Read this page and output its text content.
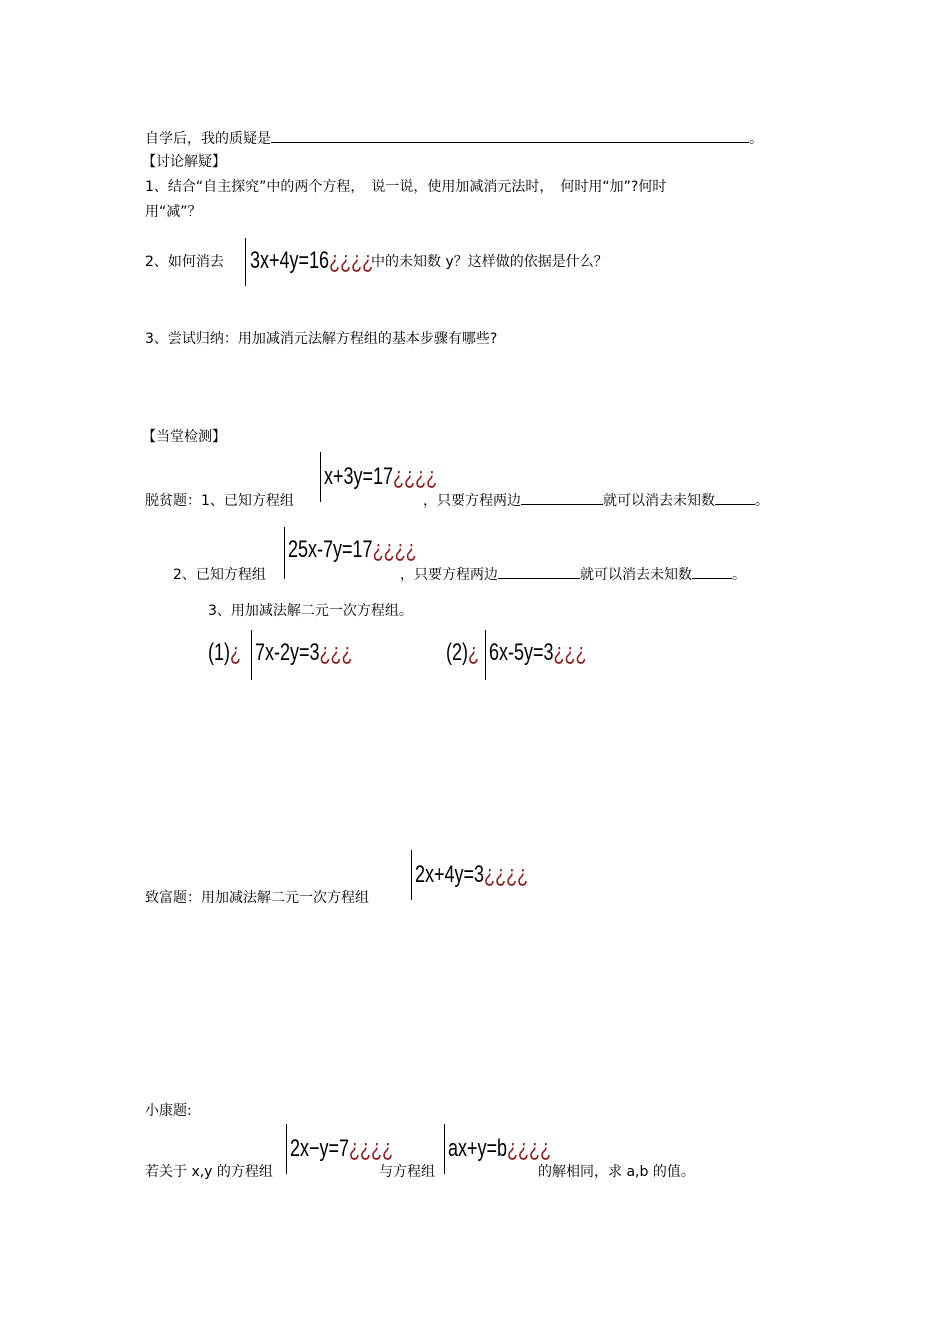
自学后，我的质疑是	。
【讨论解疑】
1、结合“自主探究”中的两个方程，　说一说，使用加减消元法时，　何时用“加”?何时
用“减”？
2、如何消去 3x+4y=16¿¿¿¿
中的未知数 y？这样做的依据是什么？
3、尝试归纳：用加减消元法解方程组的基本步骤有哪些?
【当堂检测】
脱贫题：1、已知方程组
x+3y=17¿¿¿¿
，只要方程两边	就可以消去未知数	。
2、已知方程组
25x-7y=17¿¿¿¿
，只要方程两边	就可以消去未知数	。
3、用加减法解二元一次方程组。
(1)¿ 7x-2y=3¿¿¿	(2)¿ 6x-5y=3¿¿¿
致富题：用加减法解二元一次方程组
2x+4y=3¿¿¿¿
小康题:
若关于 x,y 的方程组
2x−y=7¿¿¿¿
与方程组
ax+y=b¿¿¿¿
的解相同，求 a,b 的值。
